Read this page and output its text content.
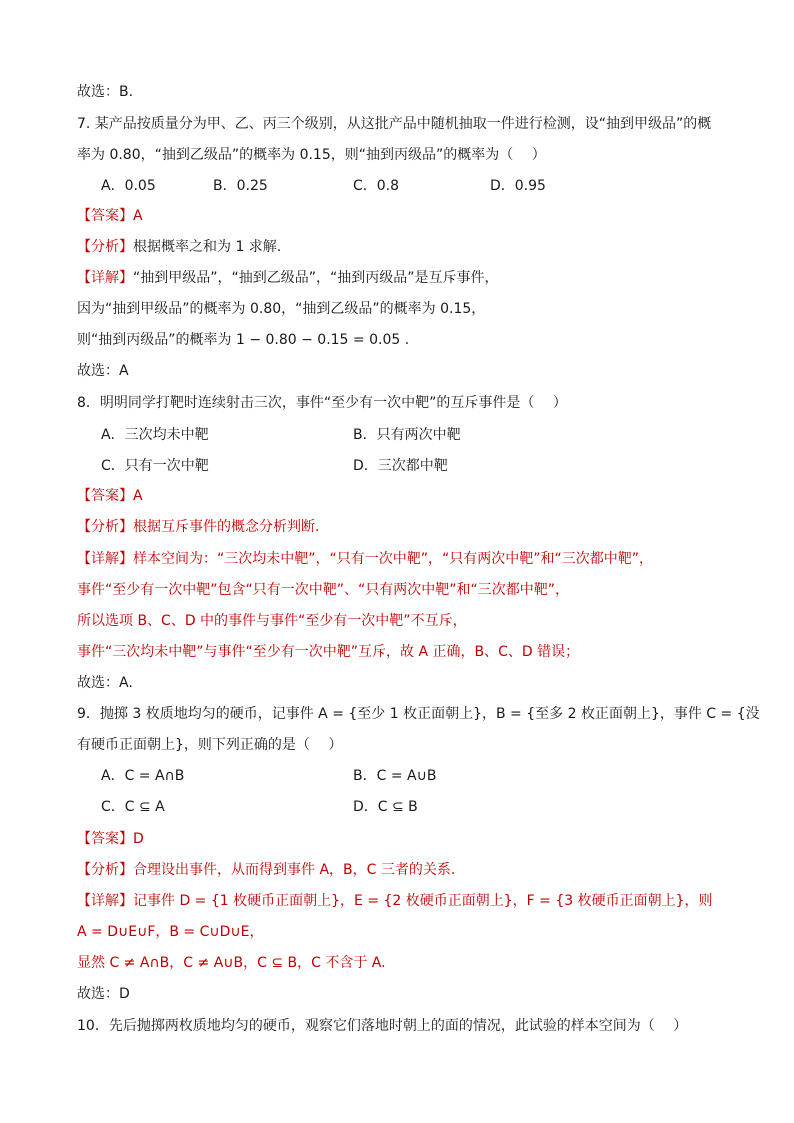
故选：B.
7. 某产品按质量分为甲、乙、丙三个级别，从这批产品中随机抽取一件进行检测，设“抽到甲级品”的概
率为 0.80，“抽到乙级品”的概率为 0.15，则“抽到丙级品”的概率为（　 ）
A．0.05	B．0.25	C．0.8	D．0.95
【答案】A
【分析】根据概率之和为 1 求解.
【详解】“抽到甲级品”，“抽到乙级品”，“抽到丙级品”是互斥事件，
因为“抽到甲级品”的概率为 0.80，“抽到乙级品”的概率为 0.15，
则“抽到丙级品”的概率为 1 − 0.80 − 0.15 = 0.05 .
故选：A
8．明明同学打靶时连续射击三次，事件“至少有一次中靶”的互斥事件是（　 ）
A．三次均未中靶	B．只有两次中靶
C．只有一次中靶	D．三次都中靶
【答案】A
【分析】根据互斥事件的概念分析判断.
【详解】样本空间为：“三次均未中靶”，“只有一次中靶”，“只有两次中靶”和“三次都中靶”，
事件“至少有一次中靶”包含“只有一次中靶”、“只有两次中靶”和“三次都中靶”，
所以选项 B、C、D 中的事件与事件“至少有一次中靶”不互斥，
事件“三次均未中靶”与事件“至少有一次中靶”互斥，故 A 正确，B、C、D 错误；
故选：A.
9．抛掷 3 枚质地均匀的硬币，记事件 A = {至少 1 枚正面朝上}，B = {至多 2 枚正面朝上}，事件 C = {没
有硬币正面朝上}，则下列正确的是（　 ）
A．C = A∩B	B．C = A∪B
C．C ⊆ A	D．C ⊆ B
【答案】D
【分析】合理设出事件，从而得到事件 A，B，C 三者的关系.
【详解】记事件 D = {1 枚硬币正面朝上}，E = {2 枚硬币正面朝上}，F = {3 枚硬币正面朝上}，则
A = D∪E∪F，B = C∪D∪E，
显然 C ≠ A∩B，C ≠ A∪B，C ⊆ B，C 不含于 A.
故选：D
10．先后抛掷两枚质地均匀的硬币，观察它们落地时朝上的面的情况，此试验的样本空间为（　 ）
